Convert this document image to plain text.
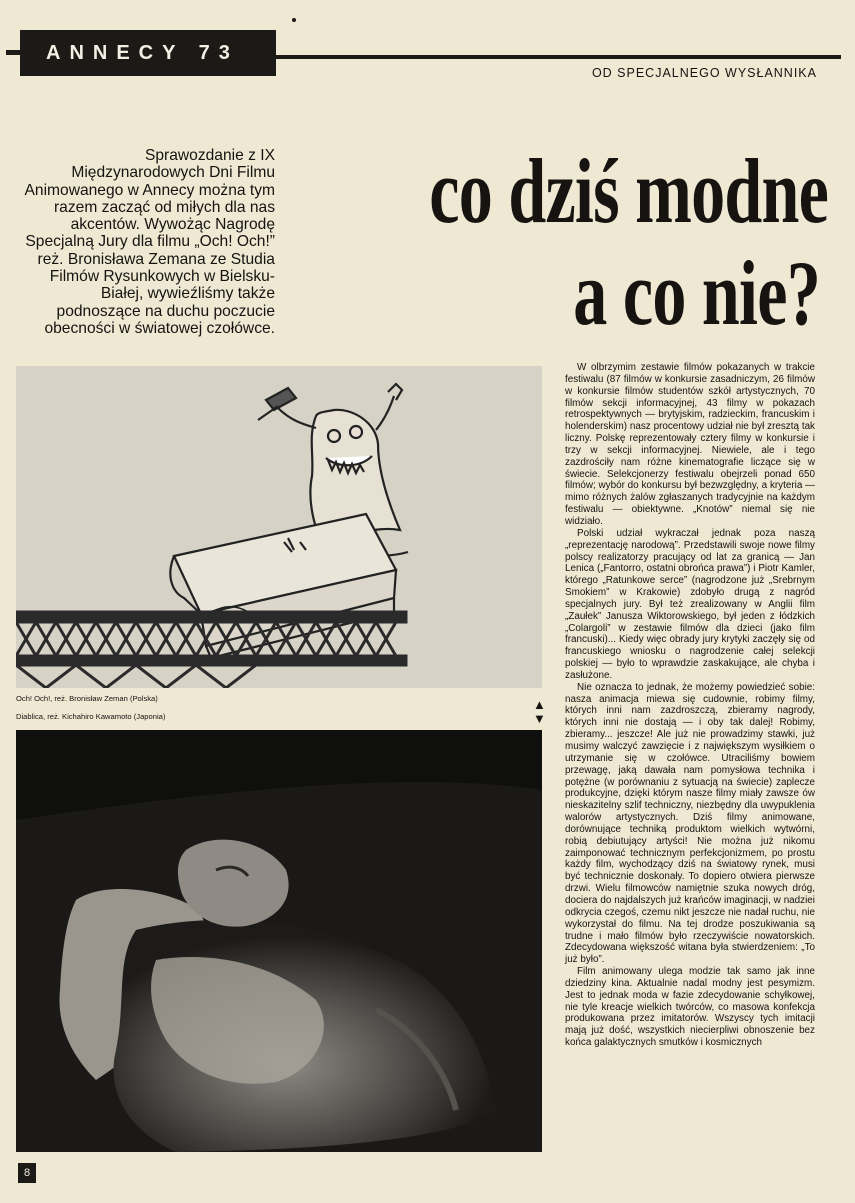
ANNECY 73
OD SPECJALNEGO WYSŁANNIKA
Sprawozdanie z IX Międzynarodowych Dni Filmu Animowanego w Annecy można tym razem zacząć od miłych dla nas akcentów. Wywożąc Nagrodę Specjalną Jury dla filmu „Och! Och!” reż. Bronisława Zemana ze Studia Filmów Rysunkowych w Bielsku-Białej, wywieźliśmy także podnoszące na duchu poczucie obecności w światowej czołówce.
co dziś modne
a co nie?
Och! Och!, reż. Bronisław Zeman (Polska)
Diablica, reż. Kichahiro Kawamoto (Japonia)
▲
▼

W olbrzymim zestawie filmów pokazanych w trakcie festiwalu (87 filmów w konkursie zasadniczym, 26 filmów w konkursie filmów studentów szkół artystycznych, 70 filmów sekcji informacyjnej, 43 filmy w pokazach retrospektywnych — brytyjskim, radzieckim, francuskim i holenderskim) nasz procentowy udział nie był zresztą tak liczny. Polskę reprezentowały cztery filmy w konkursie i trzy w sekcji informacyjnej. Niewiele, ale i tego zazdrościły nam różne kinematografie liczące się w świecie. Selekcjonerzy festiwalu obejrzeli ponad 650 filmów; wybór do konkursu był bezwzględny, a kryteria — mimo różnych żalów zgłaszanych tradycyjnie na każdym festiwalu — obiektywne. „Knotów” niemal się nie widziało.

Polski udział wykraczał jednak poza naszą „reprezentację narodową”. Przedstawili swoje nowe filmy polscy realizatorzy pracujący od lat za granicą — Jan Lenica („Fantorro, ostatni obrońca prawa”) i Piotr Kamler, którego „Ratunkowe serce” (nagrodzone już „Srebrnym Smokiem” w Krakowie) zdobyło drugą z nagród specjalnych jury. Był też zrealizowany w Anglii film „Zaułek” Janusza Wiktorowskiego, był jeden z łódzkich „Colargoli” w zestawie filmów dla dzieci (jako film francuski)... Kiedy więc obrady jury krytyki zaczęły się od francuskiego wniosku o nagrodzenie całej selekcji polskiej — było to wprawdzie zaskakujące, ale chyba i zasłużone.

Nie oznacza to jednak, że możemy powiedzieć sobie: nasza animacja miewa się cudownie, robimy filmy, których inni nam zazdroszczą, zbieramy nagrody, których inni nie dostają — i oby tak dalej! Robimy, zbieramy... jeszcze! Ale już nie prowadzimy stawki, już musimy walczyć zawzięcie i z największym wysiłkiem o utrzymanie się w czołówce. Utraciliśmy bowiem przewagę, jaką dawała nam pomysłowa technika i potężne (w porównaniu z sytuacją na świecie) zaplecze produkcyjne, dzięki którym nasze filmy miały zawsze ów nieskazitelny szlif techniczny, niezbędny dla uwypuklenia walorów artystycznych. Dziś filmy animowane, dorównujące techniką produktom wielkich wytwórni, robią debiutujący artyści! Nie można już nikomu zaimponować technicznym perfekcjonizmem, po prostu każdy film, wychodzący dziś na światowy rynek, musi być technicznie doskonały. To dopiero otwiera pierwsze drzwi. Wielu filmowców namiętnie szuka nowych dróg, dociera do najdalszych już krańców imaginacji, w nadziei odkrycia czegoś, czemu nikt jeszcze nie nadał ruchu, nie wykorzystał do filmu. Na tej drodze poszukiwania są trudne i mało filmów było rzeczywiście nowatorskich. Zdecydowana większość witana była stwierdzeniem: „To już było”.

Film animowany ulega modzie tak samo jak inne dziedziny kina. Aktualnie nadal modny jest pesymizm. Jest to jednak moda w fazie zdecydowanie schyłkowej, nie tyle kreacje wielkich twórców, co masowa konfekcja produkowana przez imitatorów. Wszyscy tych imitacji mają już dość, wszystkich niecierpliwi obnoszenie bez końca galaktycznych smutków i kosmicznych

8
